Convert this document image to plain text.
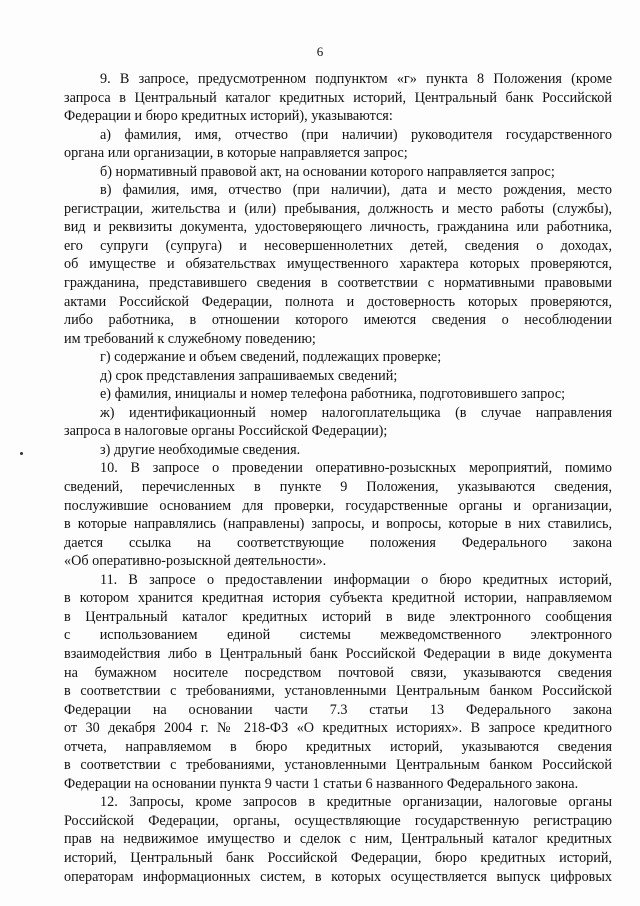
6
9. В запросе, предусмотренном подпунктом «г» пункта 8 Положения (кроме
запроса в Центральный каталог кредитных историй, Центральный банк Российской
Федерации и бюро кредитных историй), указываются:
а) фамилия, имя, отчество (при наличии) руководителя государственного
органа или организации, в которые направляется запрос;
б) нормативный правовой акт, на основании которого направляется запрос;
в) фамилия, имя, отчество (при наличии), дата и место рождения, место
регистрации, жительства и (или) пребывания, должность и место работы (службы),
вид и реквизиты документа, удостоверяющего личность, гражданина или работника,
его супруги (супруга) и несовершеннолетних детей, сведения о доходах,
об имуществе и обязательствах имущественного характера которых проверяются,
гражданина, представившего сведения в соответствии с нормативными правовыми
актами Российской Федерации, полнота и достоверность которых проверяются,
либо работника, в отношении которого имеются сведения о несоблюдении
им требований к служебному поведению;
г) содержание и объем сведений, подлежащих проверке;
д) срок представления запрашиваемых сведений;
е) фамилия, инициалы и номер телефона работника, подготовившего запрос;
ж) идентификационный номер налогоплательщика (в случае направления
запроса в налоговые органы Российской Федерации);
з) другие необходимые сведения.
10. В запросе о проведении оперативно-розыскных мероприятий, помимо
сведений, перечисленных в пункте 9 Положения, указываются сведения,
послужившие основанием для проверки, государственные органы и организации,
в которые направлялись (направлены) запросы, и вопросы, которые в них ставились,
дается ссылка на соответствующие положения Федерального закона
«Об оперативно-розыскной деятельности».
11. В запросе о предоставлении информации о бюро кредитных историй,
в котором хранится кредитная история субъекта кредитной истории, направляемом
в Центральный каталог кредитных историй в виде электронного сообщения
с использованием единой системы межведомственного электронного
взаимодействия либо в Центральный банк Российской Федерации в виде документа
на бумажном носителе посредством почтовой связи, указываются сведения
в соответствии с требованиями, установленными Центральным банком Российской
Федерации на основании части 7.3 статьи 13 Федерального закона
от 30 декабря 2004 г. № 218-ФЗ «О кредитных историях». В запросе кредитного
отчета, направляемом в бюро кредитных историй, указываются сведения
в соответствии с требованиями, установленными Центральным банком Российской
Федерации на основании пункта 9 части 1 статьи 6 названного Федерального закона.
12. Запросы, кроме запросов в кредитные организации, налоговые органы
Российской Федерации, органы, осуществляющие государственную регистрацию
прав на недвижимое имущество и сделок с ним, Центральный каталог кредитных
историй, Центральный банк Российской Федерации, бюро кредитных историй,
операторам информационных систем, в которых осуществляется выпуск цифровых
